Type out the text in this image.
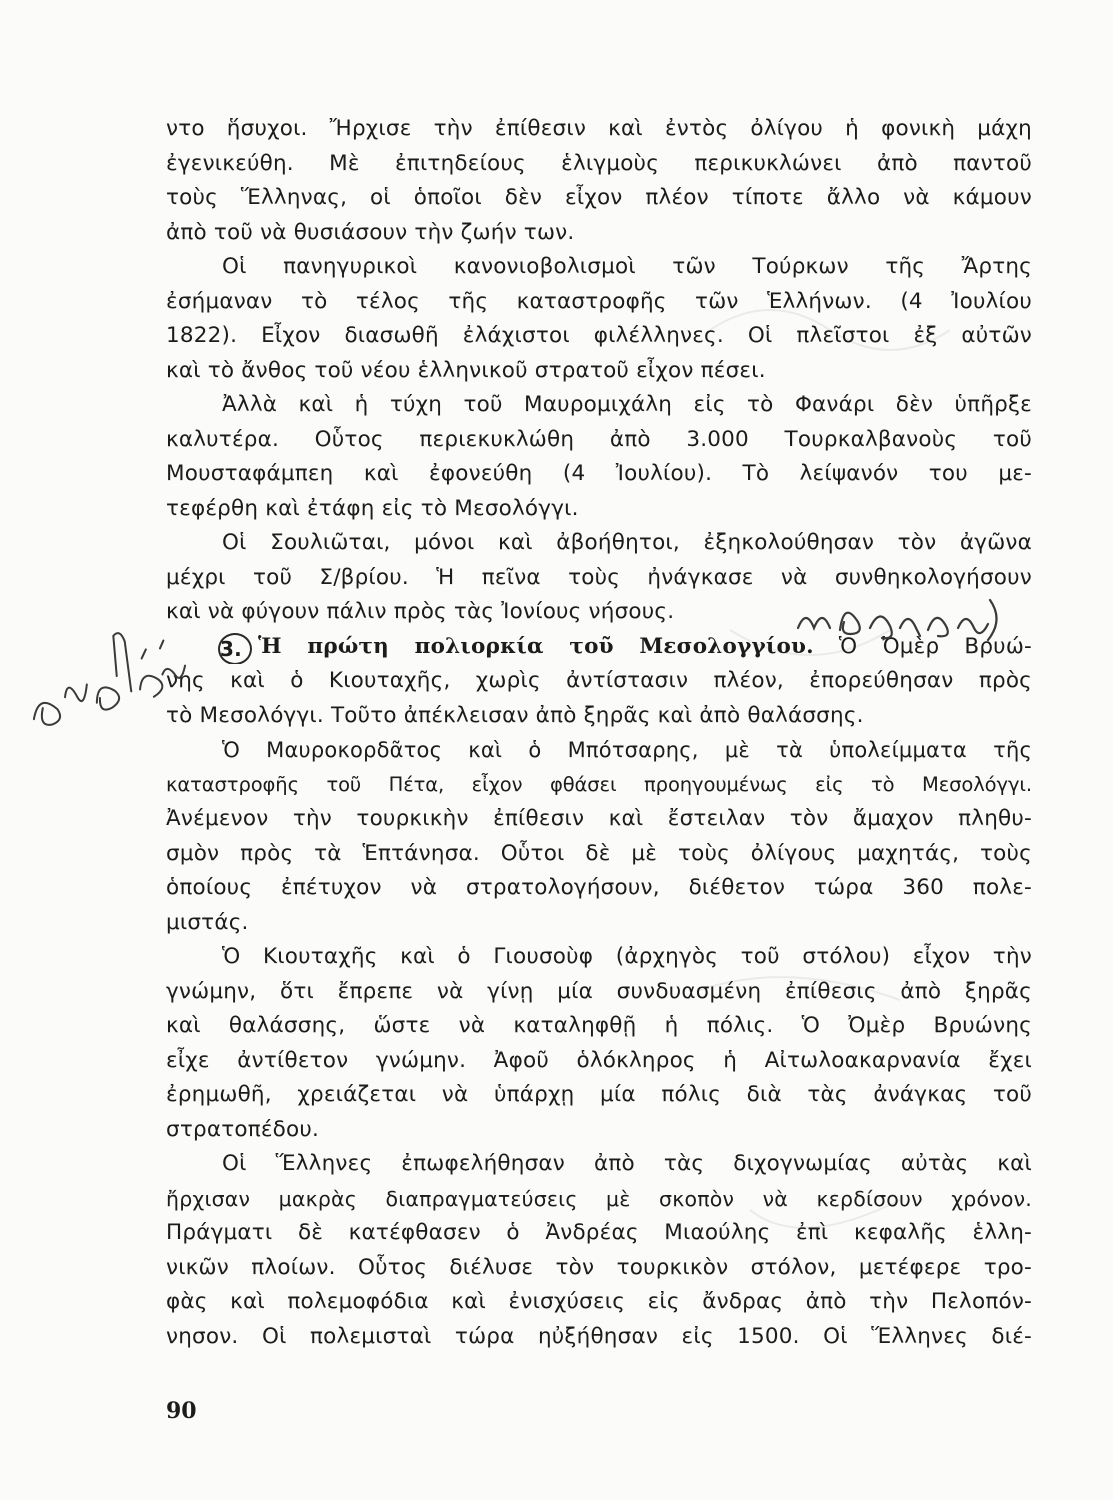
ντο ἥσυχοι. Ἤρχισε τὴν ἐπίθεσιν καὶ ἐντὸς ὀλίγου ἡ φονικὴ μάχη
ἐγενικεύθη. Μὲ ἐπιτηδείους ἑλιγμοὺς περικυκλώνει ἀπὸ παντοῦ
τοὺς Ἕλληνας, οἱ ὁποῖοι δὲν εἶχον πλέον τίποτε ἄλλο νὰ κάμουν
ἀπὸ τοῦ νὰ θυσιάσουν τὴν ζωήν των.
Οἱ πανηγυρικοὶ κανονιοβολισμοὶ τῶν Τούρκων τῆς Ἄρτης
ἐσήμαναν τὸ τέλος τῆς καταστροφῆς τῶν Ἑλλήνων. (4 Ἰουλίου
1822). Εἶχον διασωθῆ ἐλάχιστοι φιλέλληνες. Οἱ πλεῖστοι ἐξ αὐτῶν
καὶ τὸ ἄνθος τοῦ νέου ἑλληνικοῦ στρατοῦ εἶχον πέσει.
Ἀλλὰ καὶ ἡ τύχη τοῦ Μαυρομιχάλη εἰς τὸ Φανάρι δὲν ὑπῆρξε
καλυτέρα. Οὗτος περιεκυκλώθη ἀπὸ 3.000 Τουρκαλβανοὺς τοῦ
Μουσταφάμπεη καὶ ἐφονεύθη (4 Ἰουλίου). Τὸ λείψανόν του με-
τεφέρθη καὶ ἐτάφη εἰς τὸ Μεσολόγγι.
Οἱ Σουλιῶται, μόνοι καὶ ἀβοήθητοι, ἐξηκολούθησαν τὸν ἀγῶνα
μέχρι τοῦ Σ/βρίου. Ἡ πεῖνα τοὺς ἠνάγκασε νὰ συνθηκολογήσουν
καὶ νὰ φύγουν πάλιν πρὸς τὰς Ἰονίους νήσους.
3. Ἡ πρώτη πολιορκία τοῦ Μεσολογγίου. Ὁ Ὀμὲρ Βρυώ-
νης καὶ ὁ Κιουταχῆς, χωρὶς ἀντίστασιν πλέον, ἐπορεύθησαν πρὸς
τὸ Μεσολόγγι. Τοῦτο ἀπέκλεισαν ἀπὸ ξηρᾶς καὶ ἀπὸ θαλάσσης.
Ὁ Μαυροκορδᾶτος καὶ ὁ Μπότσαρης, μὲ τὰ ὑπολείμματα τῆς
καταστροφῆς τοῦ Πέτα, εἶχον φθάσει προηγουμένως εἰς τὸ Μεσολόγγι.
Ἀνέμενον τὴν τουρκικὴν ἐπίθεσιν καὶ ἔστειλαν τὸν ἄμαχον πληθυ-
σμὸν πρὸς τὰ Ἑπτάνησα. Οὗτοι δὲ μὲ τοὺς ὀλίγους μαχητάς, τοὺς
ὁποίους ἐπέτυχον νὰ στρατολογήσουν, διέθετον τώρα 360 πολε-
μιστάς.
Ὁ Κιουταχῆς καὶ ὁ Γιουσοὺφ (ἀρχηγὸς τοῦ στόλου) εἶχον τὴν
γνώμην, ὅτι ἔπρεπε νὰ γίνῃ μία συνδυασμένη ἐπίθεσις ἀπὸ ξηρᾶς
καὶ θαλάσσης, ὥστε νὰ καταληφθῇ ἡ πόλις. Ὁ Ὀμὲρ Βρυώνης
εἶχε ἀντίθετον γνώμην. Ἀφοῦ ὁλόκληρος ἡ Αἰτωλοακαρνανία ἔχει
ἐρημωθῆ, χρειάζεται νὰ ὑπάρχῃ μία πόλις διὰ τὰς ἀνάγκας τοῦ
στρατοπέδου.
Οἱ Ἕλληνες ἐπωφελήθησαν ἀπὸ τὰς διχογνωμίας αὐτὰς καὶ
ἤρχισαν μακρὰς διαπραγματεύσεις μὲ σκοπὸν νὰ κερδίσουν χρόνον.
Πράγματι δὲ κατέφθασεν ὁ Ἀνδρέας Μιαούλης ἐπὶ κεφαλῆς ἑλλη-
νικῶν πλοίων. Οὗτος διέλυσε τὸν τουρκικὸν στόλον, μετέφερε τρο-
φὰς καὶ πολεμοφόδια καὶ ἐνισχύσεις εἰς ἄνδρας ἀπὸ τὴν Πελοπόν-
νησον. Οἱ πολεμισταὶ τώρα ηὐξήθησαν εἰς 1500. Οἱ Ἕλληνες διέ-
90
